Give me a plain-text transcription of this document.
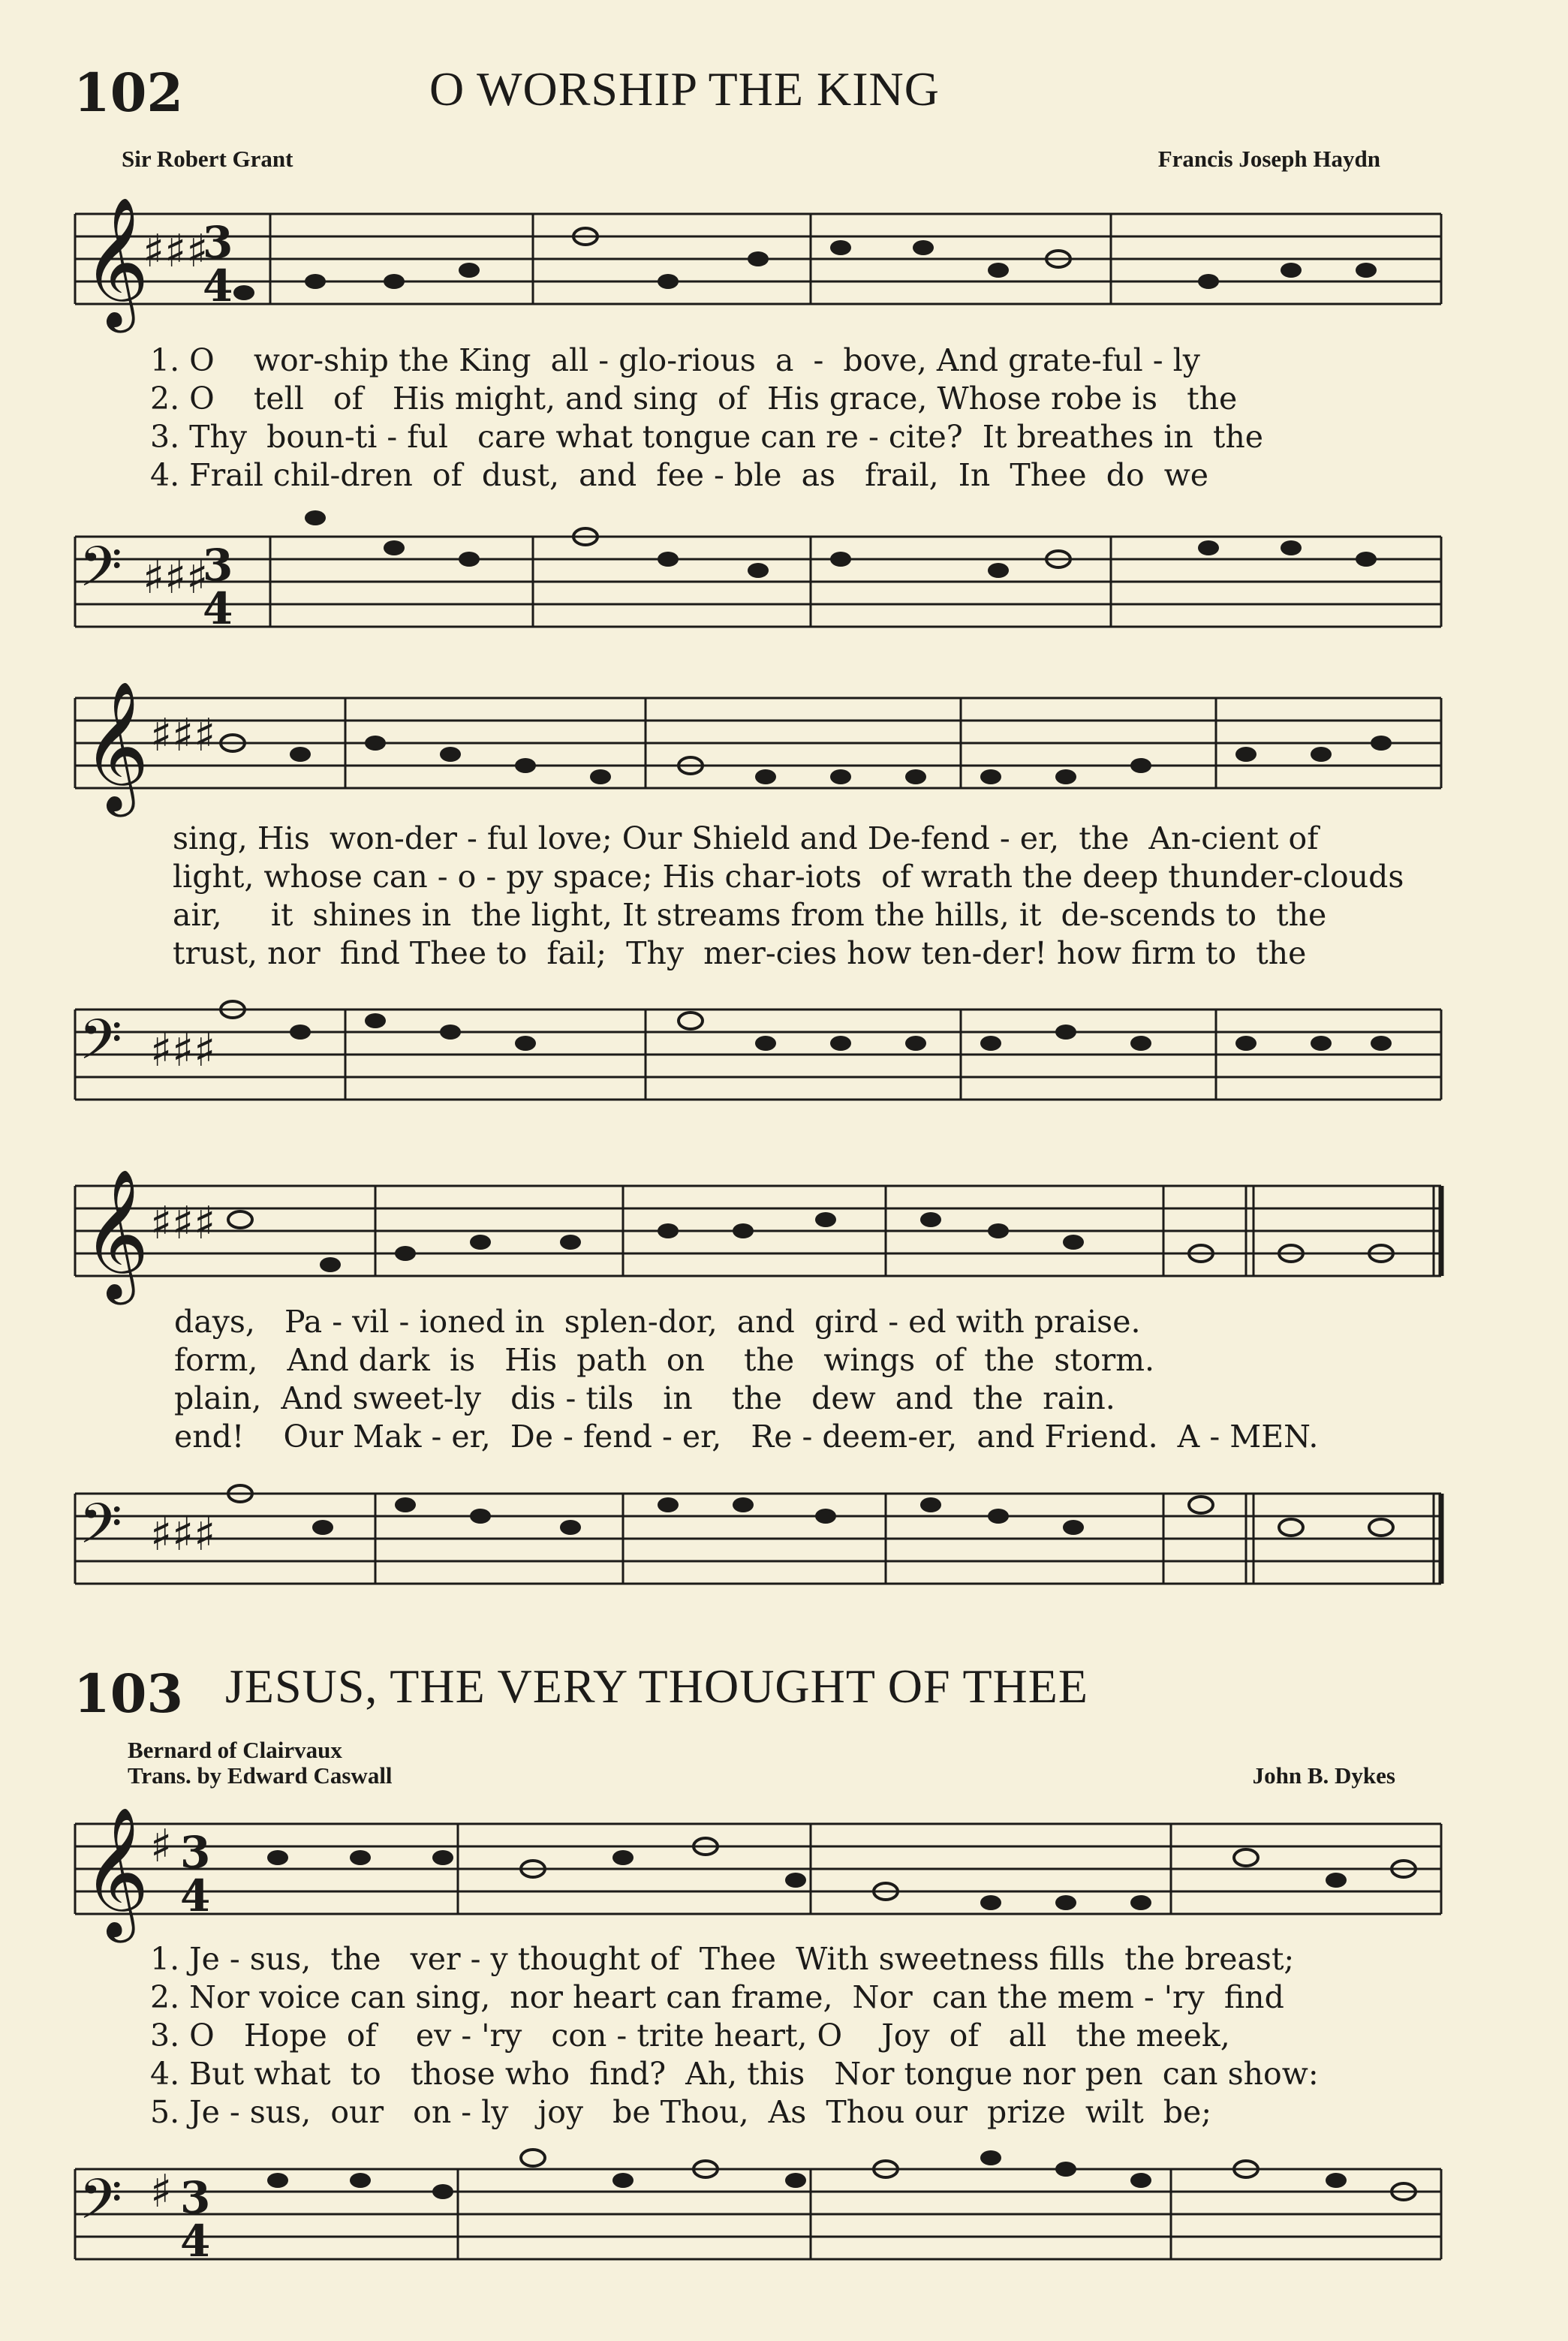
102	O WORSHIP THE KING
Sir Robert Grant	Francis Joseph Haydn
𝄞
♯♯♯
3
4
1. O    wor-ship the King  all - glo-rious  a  -  bove, And grate-ful - ly
2. O    tell   of   His might, and sing  of  His grace, Whose robe is   the
3. Thy  boun-ti - ful   care what tongue can re - cite?  It breathes in  the
4. Frail chil-dren  of  dust,  and  fee - ble  as   frail,  In  Thee  do  we
𝄢 ♯♯♯
3
4
𝄞 ♯♯♯
sing, His  won-der - ful love; Our Shield and De-fend - er,  the  An-cient of
light, whose can - o - py space; His char-iots  of wrath the deep thunder-clouds
air,     it  shines in  the light, It streams from the hills, it  de-scends to  the
trust, nor  find Thee to  fail;  Thy  mer-cies how ten-der! how firm to  the
𝄢 ♯♯♯
𝄞 ♯♯♯
days,   Pa - vil - ioned in  splen-dor,  and  gird - ed with praise.
form,   And dark  is   His  path  on    the   wings  of  the  storm.
plain,  And sweet-ly   dis - tils   in    the   dew  and  the  rain.
end!    Our Mak - er,  De - fend - er,   Re - deem-er,  and Friend.  A - MEN.
𝄢 ♯♯♯
103 JESUS, THE VERY THOUGHT OF THEE
Bernard of Clairvaux
Trans. by Edward Caswall	John B. Dykes
𝄞 ♯ 3
4
1. Je - sus,  the   ver - y thought of  Thee  With sweetness fills  the breast;
2. Nor voice can sing,  nor heart can frame,  Nor  can the mem - 'ry  find
3. O   Hope  of    ev - 'ry   con - trite heart, O    Joy  of   all   the meek,
4. But what  to   those who  find?  Ah, this   Nor tongue nor pen  can show:
5. Je - sus,  our   on - ly   joy   be Thou,  As  Thou our  prize  wilt  be;
𝄢 ♯ 3
4
